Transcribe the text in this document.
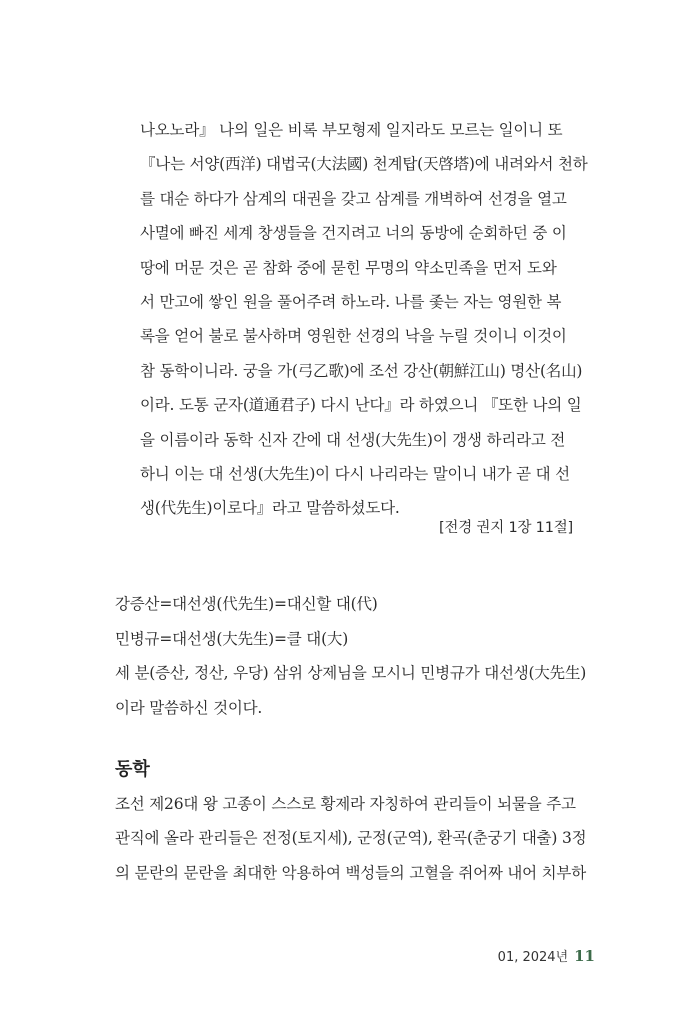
나오노라』 나의 일은 비록 부모형제 일지라도 모르는 일이니 또
『나는 서양(西洋) 대법국(大法國) 천계탑(天啓塔)에 내려와서 천하
를 대순 하다가 삼계의 대권을 갖고 삼계를 개벽하여 선경을 열고
사멸에 빠진 세계 창생들을 건지려고 너의 동방에 순회하던 중 이
땅에 머문 것은 곧 참화 중에 묻힌 무명의 약소민족을 먼저 도와
서 만고에 쌓인 원을 풀어주려 하노라. 나를 좇는 자는 영원한 복
록을 얻어 불로 불사하며 영원한 선경의 낙을 누릴 것이니 이것이
참 동학이니라. 궁을 가(弓乙歌)에 조선 강산(朝鮮江山) 명산(名山)
이라. 도통 군자(道通君子) 다시 난다』라 하였으니 『또한 나의 일
을 이름이라 동학 신자 간에 대 선생(大先生)이 갱생 하리라고 전
하니 이는 대 선생(大先生)이 다시 나리라는 말이니 내가 곧 대 선
생(代先生)이로다』라고 말씀하셨도다.
[전경 권지 1장 11절]
강증산=대선생(代先生)=대신할 대(代)
민병규=대선생(大先生)=클 대(大)
세 분(증산, 정산, 우당) 삼위 상제님을 모시니 민병규가 대선생(大先生)
이라 말씀하신 것이다.
동학
조선 제26대 왕 고종이 스스로 황제라 자칭하여 관리들이 뇌물을 주고
관직에 올라 관리들은 전정(토지세), 군정(군역), 환곡(춘궁기 대출) 3정
의 문란의 문란을 최대한 악용하여 백성들의 고혈을 쥐어짜 내어 치부하
01, 2024년 11
